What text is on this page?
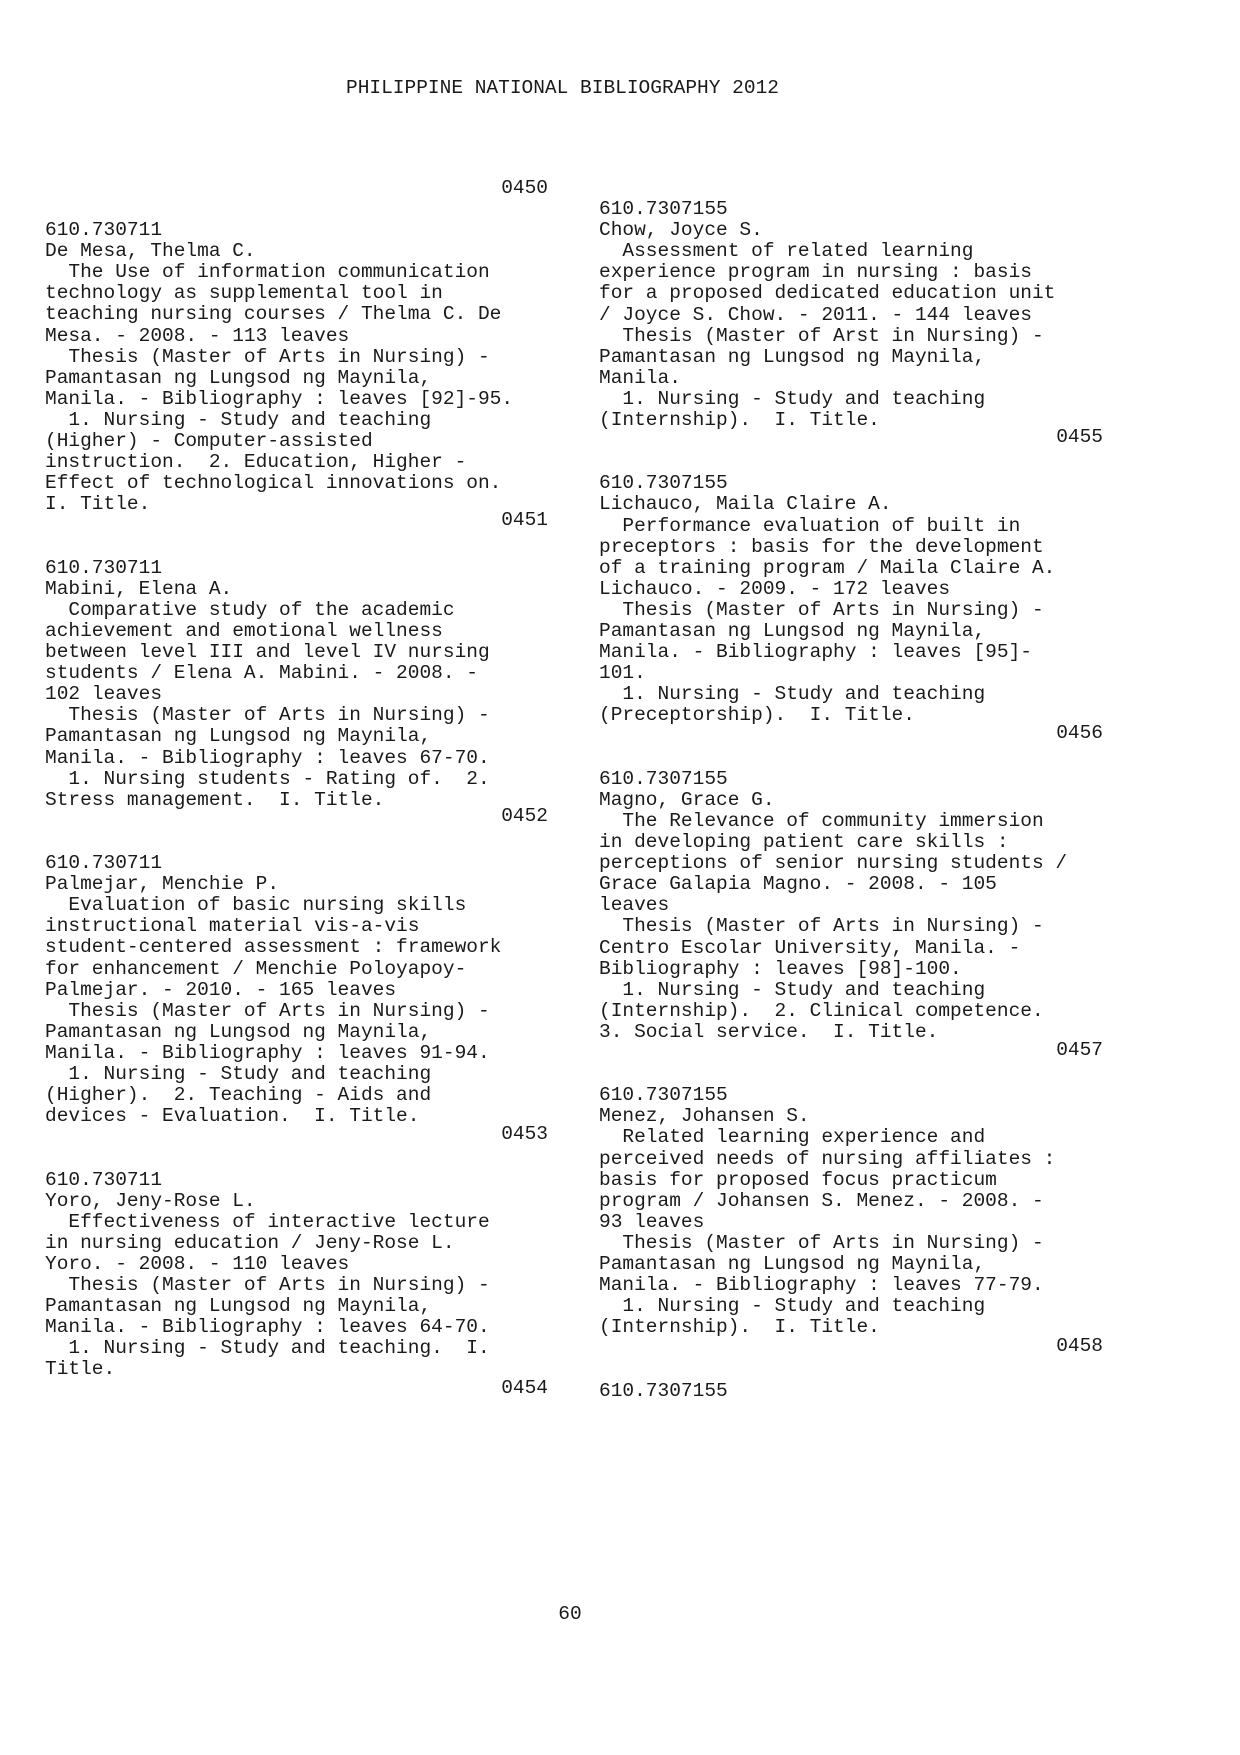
PHILIPPINE NATIONAL BIBLIOGRAPHY 2012
610.730711
De Mesa, Thelma C.
The Use of information communication
technology as supplemental tool in
teaching nursing courses / Thelma C. De
Mesa. - 2008. - 113 leaves
Thesis (Master of Arts in Nursing) -
Pamantasan ng Lungsod ng Maynila,
Manila. - Bibliography : leaves [92]-95.
1. Nursing - Study and teaching
(Higher) - Computer-assisted
instruction.  2. Education, Higher -
Effect of technological innovations on.
I. Title.
610.730711
Mabini, Elena A.
Comparative study of the academic
achievement and emotional wellness
between level III and level IV nursing
students / Elena A. Mabini. - 2008. -
102 leaves
Thesis (Master of Arts in Nursing) -
Pamantasan ng Lungsod ng Maynila,
Manila. - Bibliography : leaves 67-70.
1. Nursing students - Rating of.  2.
Stress management.  I. Title.
610.730711
Palmejar, Menchie P.
Evaluation of basic nursing skills
instructional material vis-a-vis
student-centered assessment : framework
for enhancement / Menchie Poloyapoy-
Palmejar. - 2010. - 165 leaves
Thesis (Master of Arts in Nursing) -
Pamantasan ng Lungsod ng Maynila,
Manila. - Bibliography : leaves 91-94.
1. Nursing - Study and teaching
(Higher).  2. Teaching - Aids and
devices - Evaluation.  I. Title.
610.730711
Yoro, Jeny-Rose L.
Effectiveness of interactive lecture
in nursing education / Jeny-Rose L.
Yoro. - 2008. - 110 leaves
Thesis (Master of Arts in Nursing) -
Pamantasan ng Lungsod ng Maynila,
Manila. - Bibliography : leaves 64-70.
1. Nursing - Study and teaching.  I.
Title.
0450
0451
0452
0453
0454
610.7307155
Chow, Joyce S.
Assessment of related learning
experience program in nursing : basis
for a proposed dedicated education unit
/ Joyce S. Chow. - 2011. - 144 leaves
Thesis (Master of Arst in Nursing) -
Pamantasan ng Lungsod ng Maynila,
Manila.
1. Nursing - Study and teaching
(Internship).  I. Title.
610.7307155
Lichauco, Maila Claire A.
Performance evaluation of built in
preceptors : basis for the development
of a training program / Maila Claire A.
Lichauco. - 2009. - 172 leaves
Thesis (Master of Arts in Nursing) -
Pamantasan ng Lungsod ng Maynila,
Manila. - Bibliography : leaves [95]-
101.
1. Nursing - Study and teaching
(Preceptorship).  I. Title.
610.7307155
Magno, Grace G.
The Relevance of community immersion
in developing patient care skills :
perceptions of senior nursing students /
Grace Galapia Magno. - 2008. - 105
leaves
Thesis (Master of Arts in Nursing) -
Centro Escolar University, Manila. -
Bibliography : leaves [98]-100.
1. Nursing - Study and teaching
(Internship).  2. Clinical competence.
3. Social service.  I. Title.
610.7307155
Menez, Johansen S.
Related learning experience and
perceived needs of nursing affiliates :
basis for proposed focus practicum
program / Johansen S. Menez. - 2008. -
93 leaves
Thesis (Master of Arts in Nursing) -
Pamantasan ng Lungsod ng Maynila,
Manila. - Bibliography : leaves 77-79.
1. Nursing - Study and teaching
(Internship).  I. Title.
610.7307155
0455
0456
0457
0458
60
